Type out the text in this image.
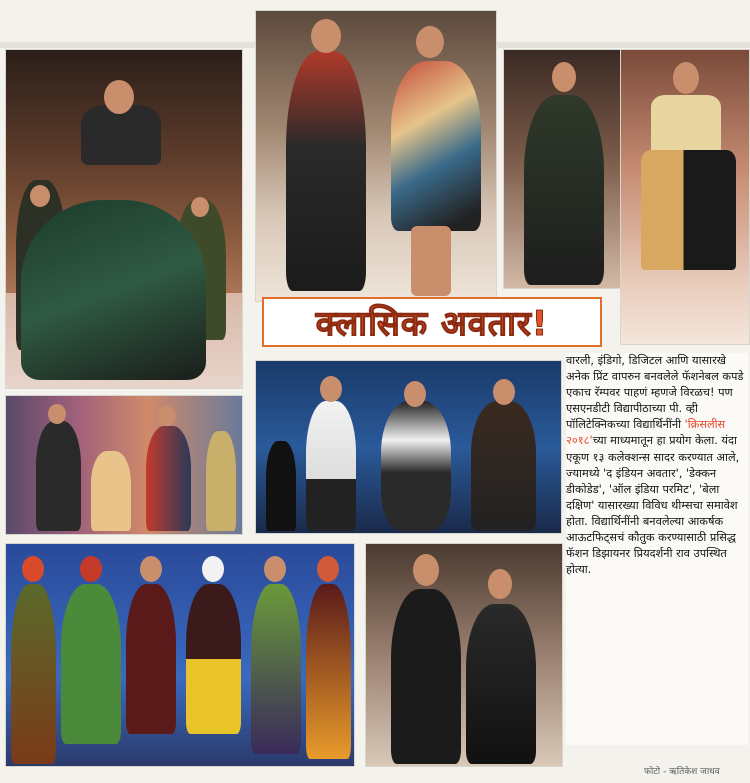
क्लासिक अवतार!

वारली, इंडिगो, डिजिटल आणि यासारखे अनेक प्रिंट वापरुन बनवलेले फॅशनेबल कपडे एकाच रॅम्पवर पाहणं म्हणजे विरळच! पण एसएनडीटी विद्यापीठाच्या पी. व्ही पॉलिटेक्निकच्या विद्यार्थिनींनी 'क्रिसलीस २०१८'च्या माध्यमातून हा प्रयोग केला. यंदा एकूण १३ कलेक्शन्स सादर करण्यात आले, ज्यामध्ये 'द इंडियन अवतार', 'डेक्कन डीकोडेड', 'ऑल इंडिया परमिट', 'बेला दक्षिण' यासारख्या विविध थीम्सचा समावेश होता. विद्यार्थिनींनी बनवलेल्या आकर्षक आऊटफिट्सचं कौतुक करण्यासाठी प्रसिद्ध फॅशन डिझायनर प्रियदर्शनी राव उपस्थित होत्या.

फोटो - ऋतिकेश जाधव
